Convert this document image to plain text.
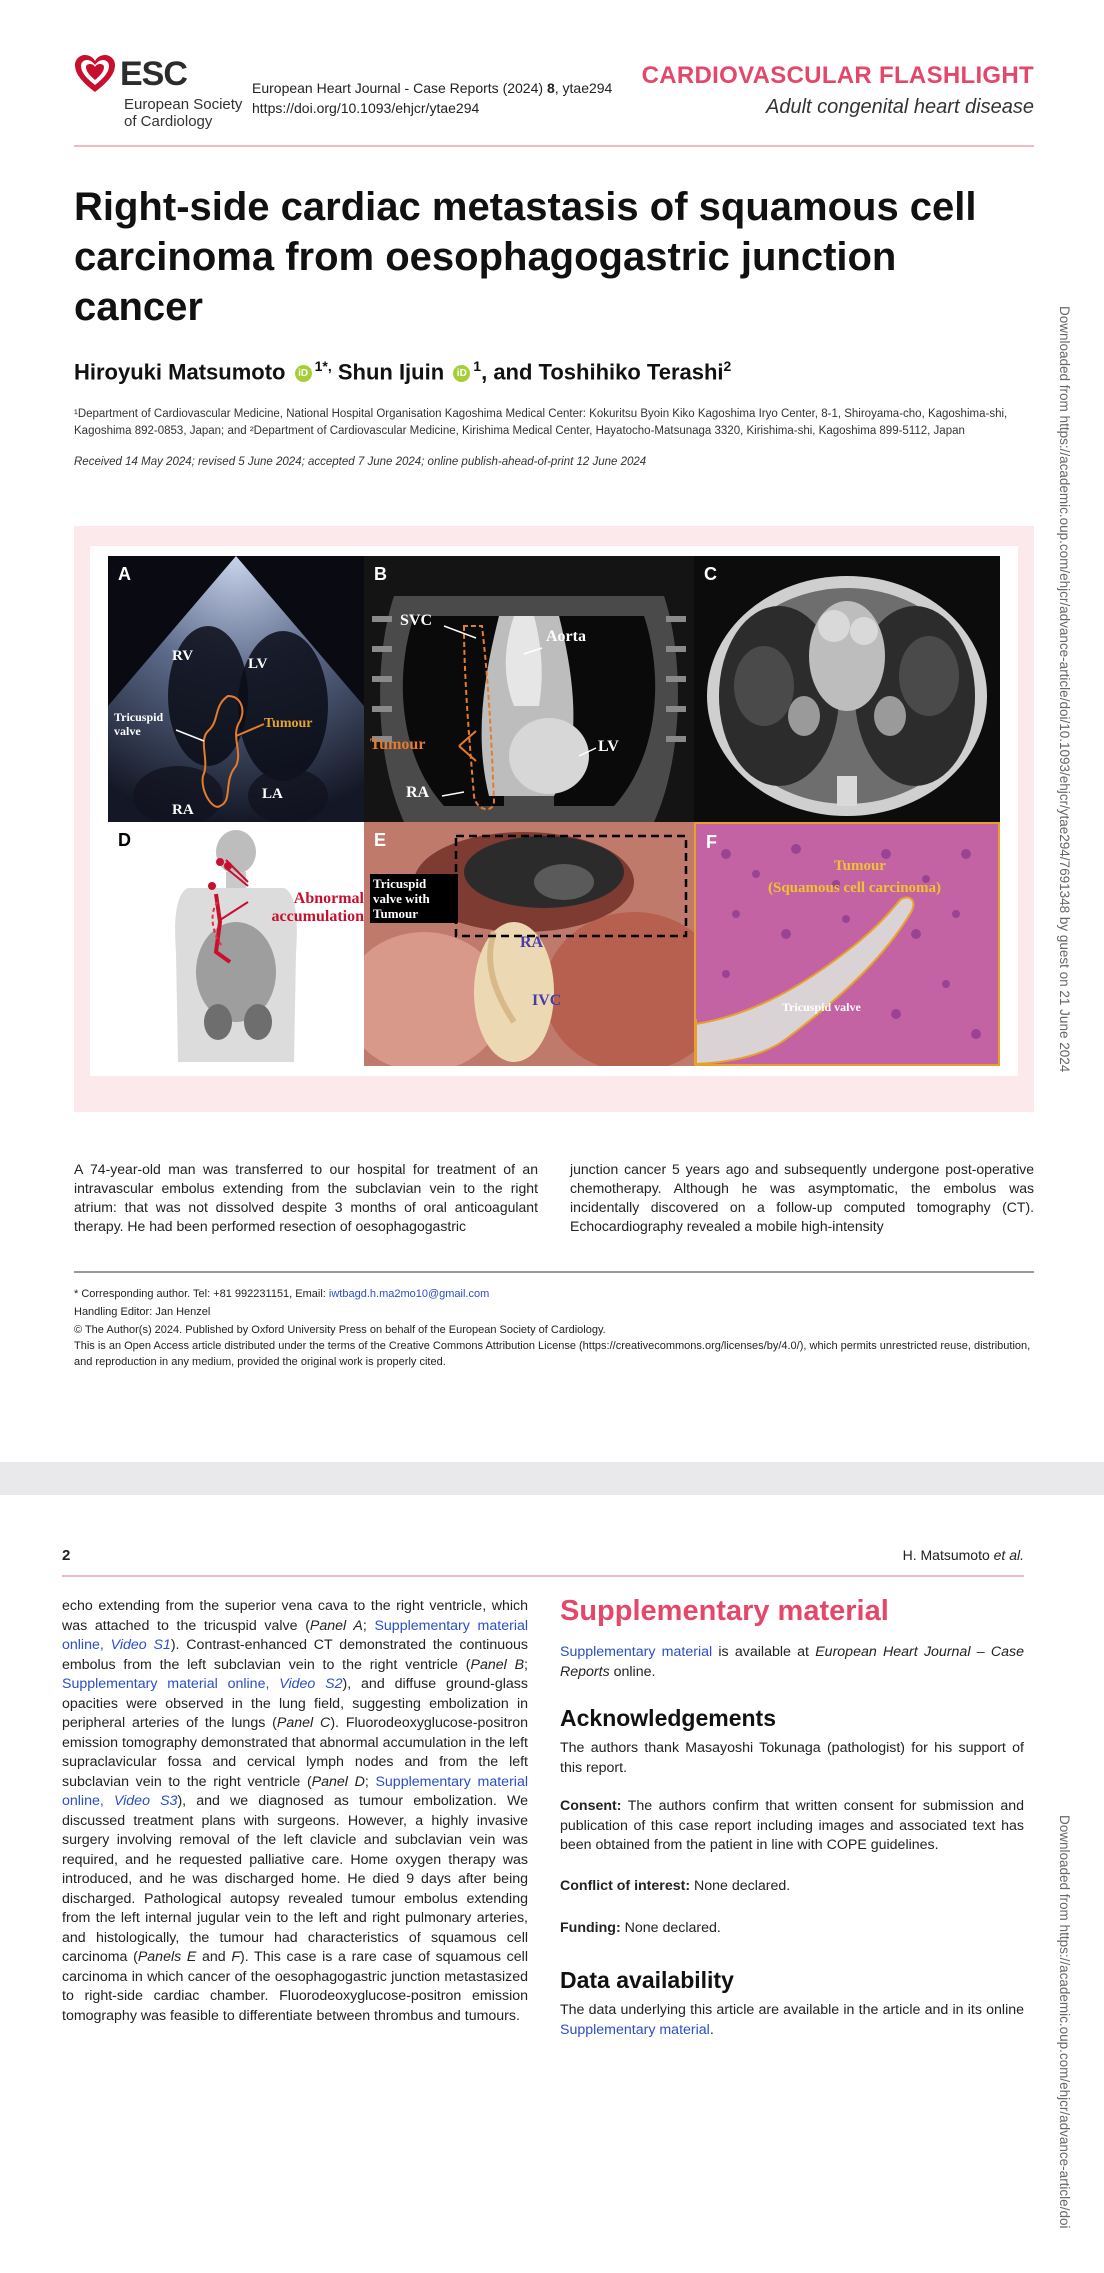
ESC
European Society of Cardiology
European Heart Journal - Case Reports (2024) 8, ytae294
https://doi.org/10.1093/ehjcr/ytae294
CARDIOVASCULAR FLASHLIGHT
Adult congenital heart disease
Right-side cardiac metastasis of squamous cell carcinoma from oesophagogastric junction cancer
Hiroyuki Matsumoto iD $^{1*,}$ Shun Ijuin iD $^1$, and Toshihiko Terashi$^2$
¹Department of Cardiovascular Medicine, National Hospital Organisation Kagoshima Medical Center: Kokuritsu Byoin Kiko Kagoshima Iryo Center, 8-1, Shiroyama-cho, Kagoshima-shi, Kagoshima 892-0853, Japan; and ²Department of Cardiovascular Medicine, Kirishima Medical Center, Hayatocho-Matsunaga 3320, Kirishima-shi, Kagoshima 899-5112, Japan
Received 14 May 2024; revised 5 June 2024; accepted 7 June 2024; online publish-ahead-of-print 12 June 2024
A
RV	LV
Tricuspid valve	Tumour
RA
LA
B
SVC
Aorta
Tumour	LV
RA
C
D
Abnormal accumulation
E
Tricuspid valve with Tumour
RA
IVC
F
Tumour
(Squamous cell carcinoma)
Tricuspid valve
A 74-year-old man was transferred to our hospital for treatment of an intravascular embolus extending from the subclavian vein to the right atrium: that was not dissolved despite 3 months of oral anticoagulant therapy. He had been performed resection of oesophagogastric
junction cancer 5 years ago and subsequently undergone post-operative chemotherapy. Although he was asymptomatic, the embolus was incidentally discovered on a follow-up computed tomography (CT). Echocardiography revealed a mobile high-intensity
* Corresponding author. Tel: +81 992231151, Email: iwtbagd.h.ma2mo10@gmail.com
Handling Editor: Jan Henzel
© The Author(s) 2024. Published by Oxford University Press on behalf of the European Society of Cardiology.
This is an Open Access article distributed under the terms of the Creative Commons Attribution License (https://creativecommons.org/licenses/by/4.0/), which permits unrestricted reuse, distribution, and reproduction in any medium, provided the original work is properly cited.
Downloaded from https://academic.oup.com/ehjcr/advance-article/doi/10.1093/ehjcr/ytae294/7691348 by guest on 21 June 2024
2	H. Matsumoto et al.
echo extending from the superior vena cava to the right ventricle, which was attached to the tricuspid valve (Panel A; Supplementary material online, Video S1). Contrast-enhanced CT demonstrated the continuous embolus from the left subclavian vein to the right ventricle (Panel B; Supplementary material online, Video S2), and diffuse ground-glass opacities were observed in the lung field, suggesting embolization in peripheral arteries of the lungs (Panel C). Fluorodeoxyglucose-positron emission tomography demonstrated that abnormal accumulation in the left supraclavicular fossa and cervical lymph nodes and from the left subclavian vein to the right ventricle (Panel D; Supplementary material online, Video S3), and we diagnosed as tumour embolization. We discussed treatment plans with surgeons. However, a highly invasive surgery involving removal of the left clavicle and subclavian vein was required, and he requested palliative care. Home oxygen therapy was introduced, and he was discharged home. He died 9 days after being discharged. Pathological autopsy revealed tumour embolus extending from the left internal jugular vein to the left and right pulmonary arteries, and histologically, the tumour had characteristics of squamous cell carcinoma (Panels E and F). This case is a rare case of squamous cell carcinoma in which cancer of the oesophagogastric junction metastasized to right-side cardiac chamber. Fluorodeoxyglucose-positron emission tomography was feasible to differentiate between thrombus and tumours.
Supplementary material
Supplementary material is available at European Heart Journal – Case Reports online.
Acknowledgements
The authors thank Masayoshi Tokunaga (pathologist) for his support of this report.
Consent: The authors confirm that written consent for submission and publication of this case report including images and associated text has been obtained from the patient in line with COPE guidelines.
Conflict of interest: None declared.
Funding: None declared.
Data availability
The data underlying this article are available in the article and in its online Supplementary material.	Downloaded from https://academic.oup.com/ehjcr/advance-article/doi
